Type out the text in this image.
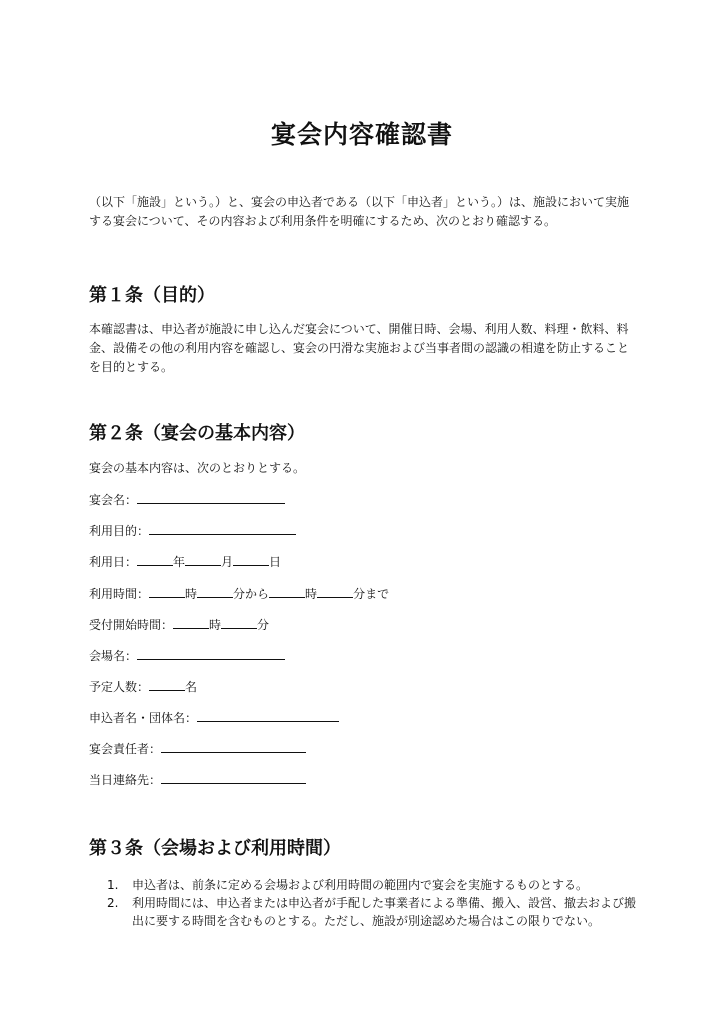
宴会内容確認書
（以下「施設」という。）と、宴会の申込者である（以下「申込者」という。）は、施設において実施する宴会について、その内容および利用条件を明確にするため、次のとおり確認する。
第１条（目的）
本確認書は、申込者が施設に申し込んだ宴会について、開催日時、会場、利用人数、料理・飲料、料金、設備その他の利用内容を確認し、宴会の円滑な実施および当事者間の認識の相違を防止することを目的とする。
第２条（宴会の基本内容）
宴会の基本内容は、次のとおりとする。
宴会名：
利用目的：
利用日：	年	月	日
利用時間：	時	分から	時	分まで
受付開始時間：	時	分
会場名：
予定人数：	名
申込者名・団体名：
宴会責任者：
当日連絡先：
第３条（会場および利用時間）
1. 申込者は、前条に定める会場および利用時間の範囲内で宴会を実施するものとする。
2. 利用時間には、申込者または申込者が手配した事業者による準備、搬入、設営、撤去および搬出に要する時間を含むものとする。ただし、施設が別途認めた場合はこの限りでない。
